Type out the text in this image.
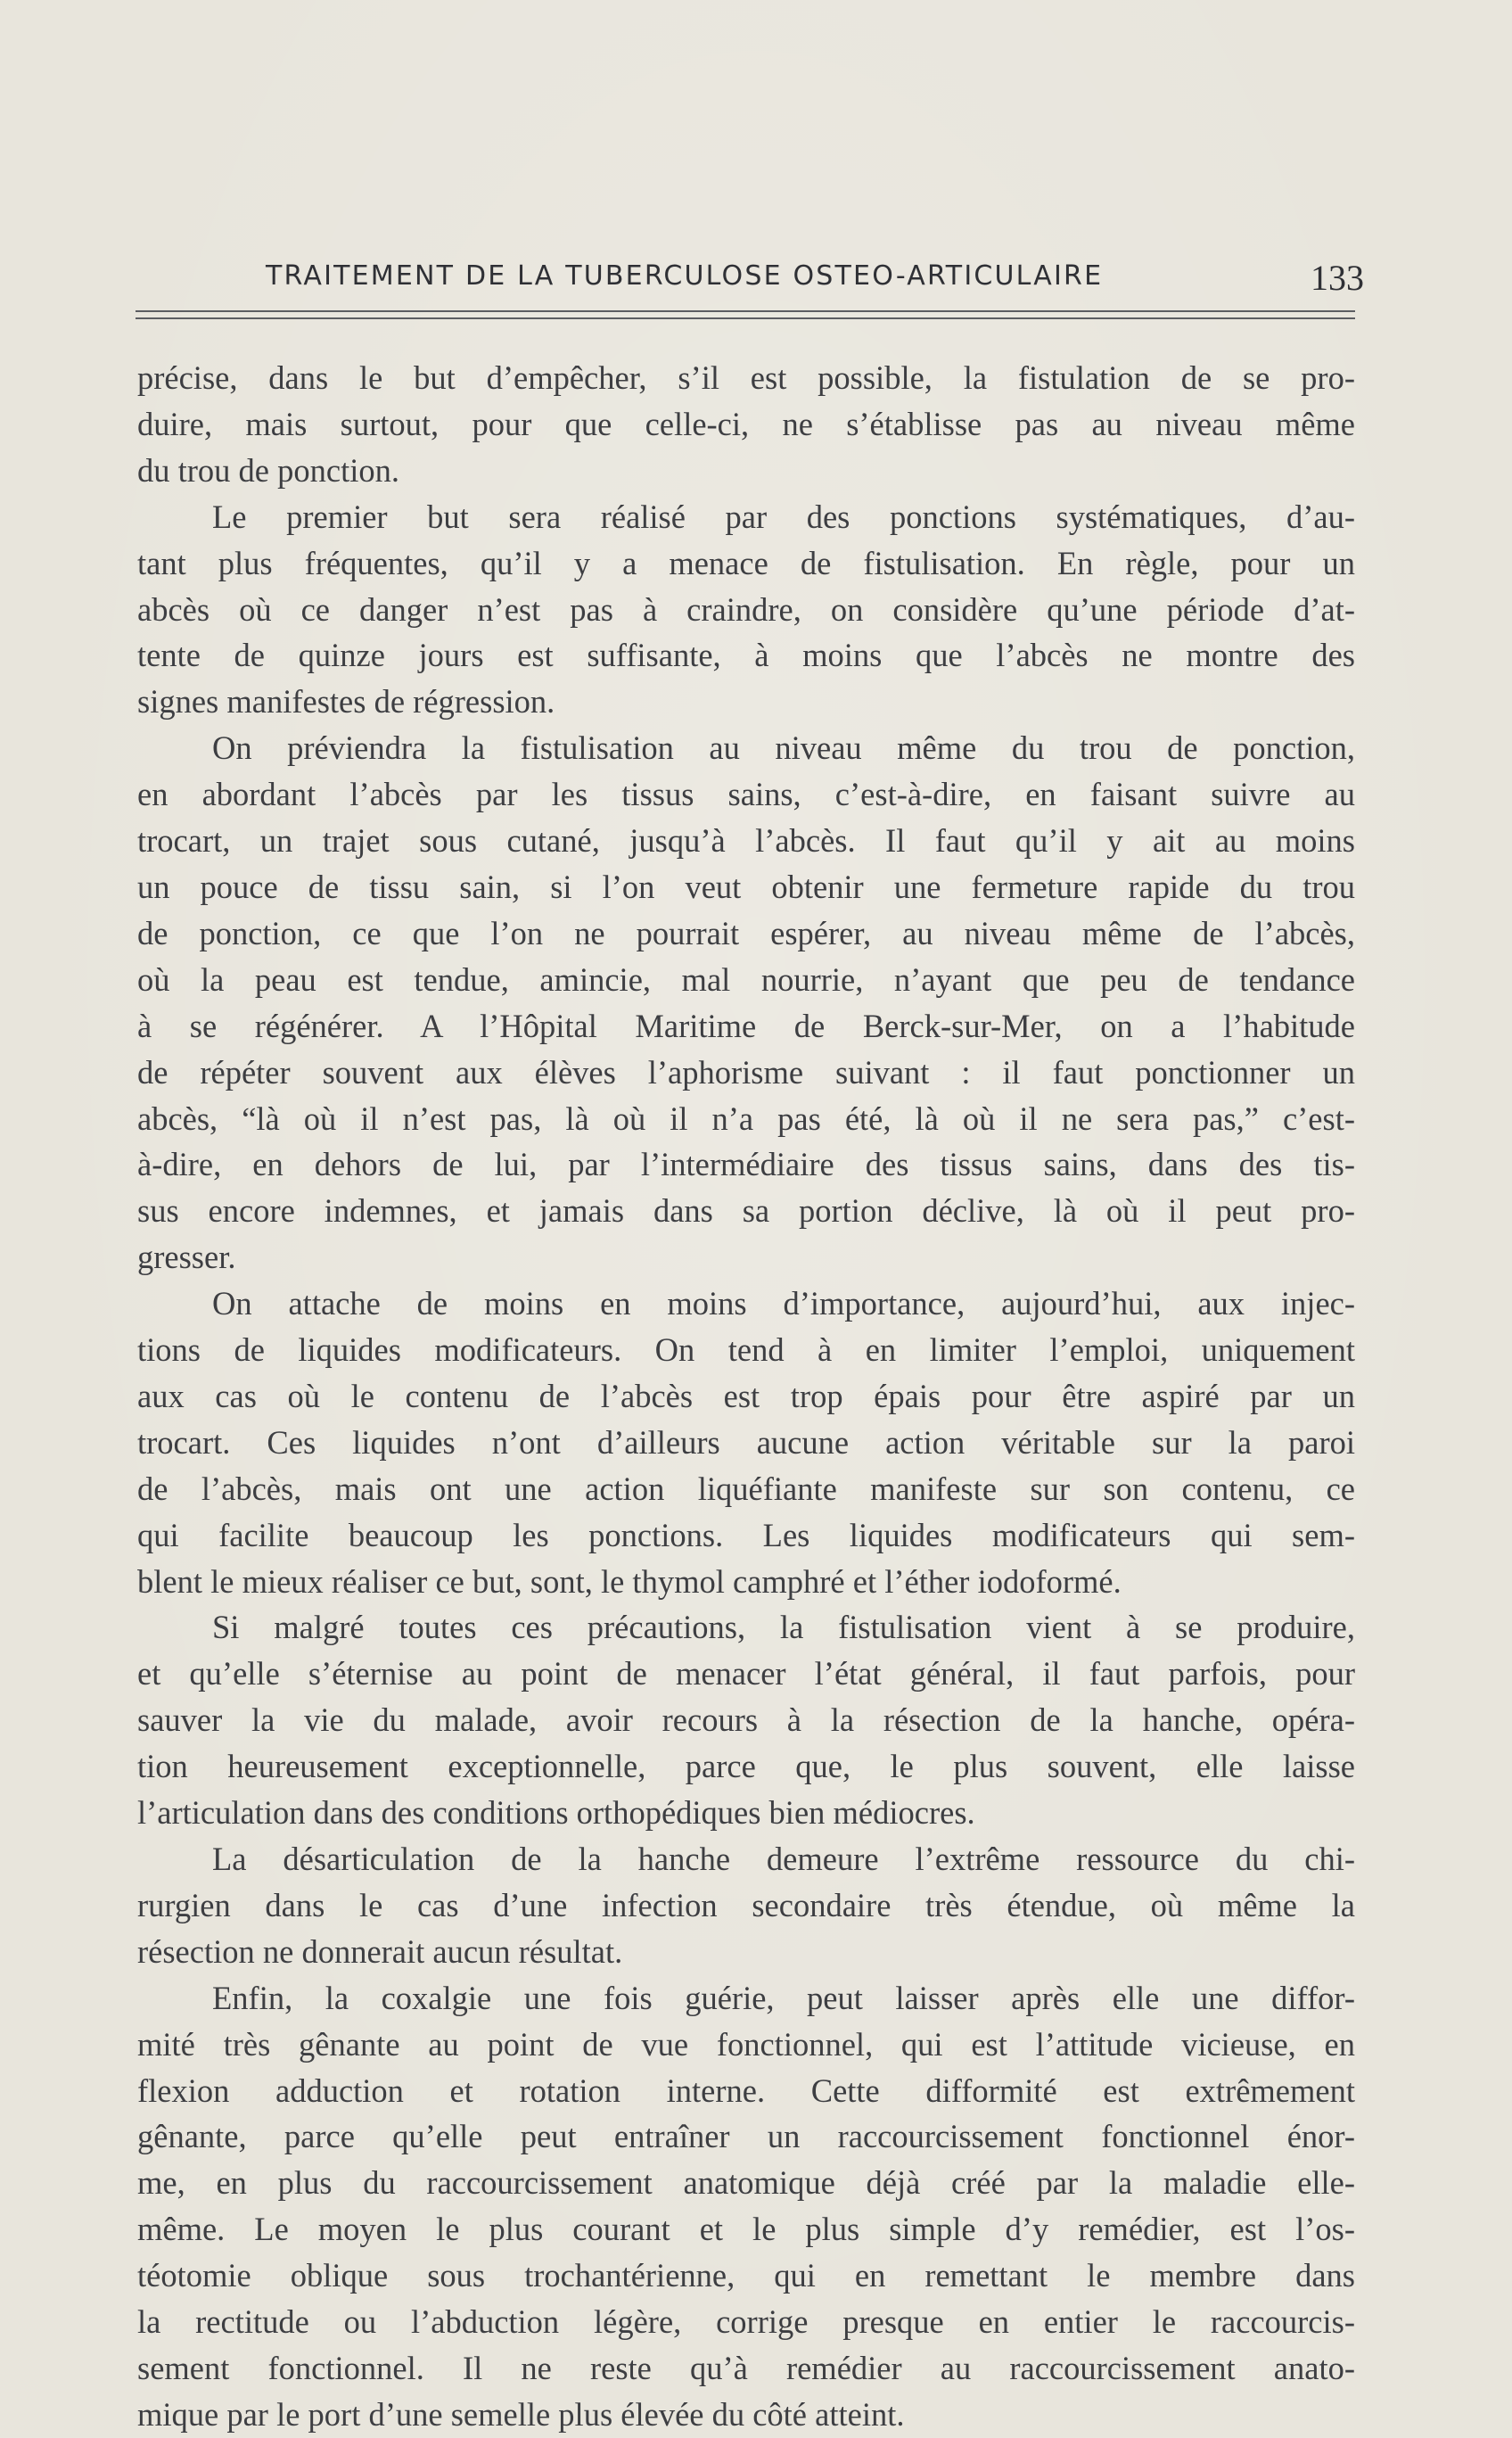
TRAITEMENT DE LA TUBERCULOSE OSTEO-ARTICULAIRE	133
précise, dans le but d’empêcher, s’il est possible, la fistulation de se pro-
duire, mais surtout, pour que celle-ci, ne s’établisse pas au niveau même
du trou de ponction.
Le premier but sera réalisé par des ponctions systématiques, d’au-
tant plus fréquentes, qu’il y a menace de fistulisation. En règle, pour un
abcès où ce danger n’est pas à craindre, on considère qu’une période d’at-
tente de quinze jours est suffisante, à moins que l’abcès ne montre des
signes manifestes de régression.
On préviendra la fistulisation au niveau même du trou de ponction,
en abordant l’abcès par les tissus sains, c’est-à-dire, en faisant suivre au
trocart, un trajet sous cutané, jusqu’à l’abcès. Il faut qu’il y ait au moins
un pouce de tissu sain, si l’on veut obtenir une fermeture rapide du trou
de ponction, ce que l’on ne pourrait espérer, au niveau même de l’abcès,
où la peau est tendue, amincie, mal nourrie, n’ayant que peu de tendance
à se régénérer. A l’Hôpital Maritime de Berck-sur-Mer, on a l’habitude
de répéter souvent aux élèves l’aphorisme suivant : il faut ponctionner un
abcès, “là où il n’est pas, là où il n’a pas été, là où il ne sera pas,” c’est-
à-dire, en dehors de lui, par l’intermédiaire des tissus sains, dans des tis-
sus encore indemnes, et jamais dans sa portion déclive, là où il peut pro-
gresser.
On attache de moins en moins d’importance, aujourd’hui, aux injec-
tions de liquides modificateurs. On tend à en limiter l’emploi, uniquement
aux cas où le contenu de l’abcès est trop épais pour être aspiré par un
trocart. Ces liquides n’ont d’ailleurs aucune action véritable sur la paroi
de l’abcès, mais ont une action liquéfiante manifeste sur son contenu, ce
qui facilite beaucoup les ponctions. Les liquides modificateurs qui sem-
blent le mieux réaliser ce but, sont, le thymol camphré et l’éther iodoformé.
Si malgré toutes ces précautions, la fistulisation vient à se produire,
et qu’elle s’éternise au point de menacer l’état général, il faut parfois, pour
sauver la vie du malade, avoir recours à la résection de la hanche, opéra-
tion heureusement exceptionnelle, parce que, le plus souvent, elle laisse
l’articulation dans des conditions orthopédiques bien médiocres.
La désarticulation de la hanche demeure l’extrême ressource du chi-
rurgien dans le cas d’une infection secondaire très étendue, où même la
résection ne donnerait aucun résultat.
Enfin, la coxalgie une fois guérie, peut laisser après elle une diffor-
mité très gênante au point de vue fonctionnel, qui est l’attitude vicieuse, en
flexion adduction et rotation interne. Cette difformité est extrêmement
gênante, parce qu’elle peut entraîner un raccourcissement fonctionnel énor-
me, en plus du raccourcissement anatomique déjà créé par la maladie elle-
même. Le moyen le plus courant et le plus simple d’y remédier, est l’os-
téotomie oblique sous trochantérienne, qui en remettant le membre dans
la rectitude ou l’abduction légère, corrige presque en entier le raccourcis-
sement fonctionnel. Il ne reste qu’à remédier au raccourcissement anato-
mique par le port d’une semelle plus élevée du côté atteint.
